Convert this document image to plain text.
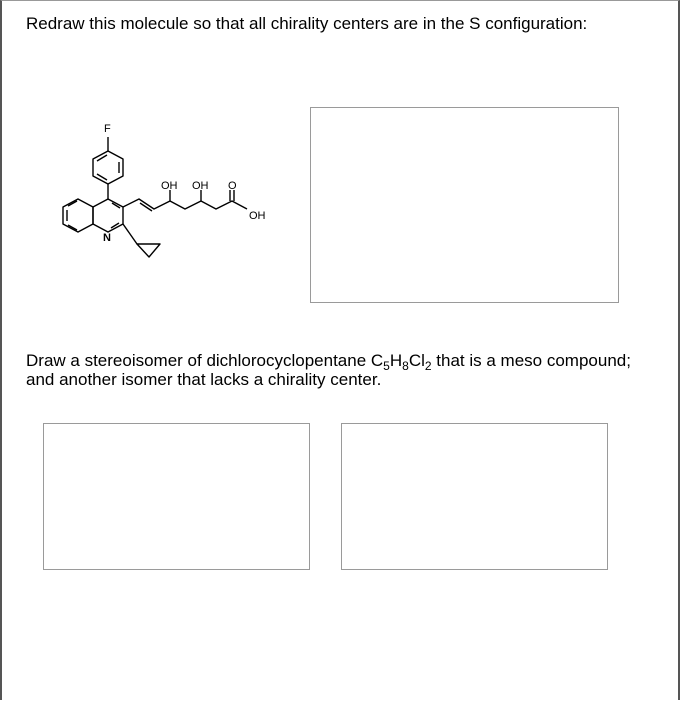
Redraw this molecule so that all chirality centers are in the S configuration:

F
N
OH OH O
OH

Draw a stereoisomer of dichlorocyclopentane $C_5H_8Cl_2$ that is a meso compound; and another isomer that lacks a chirality center.
